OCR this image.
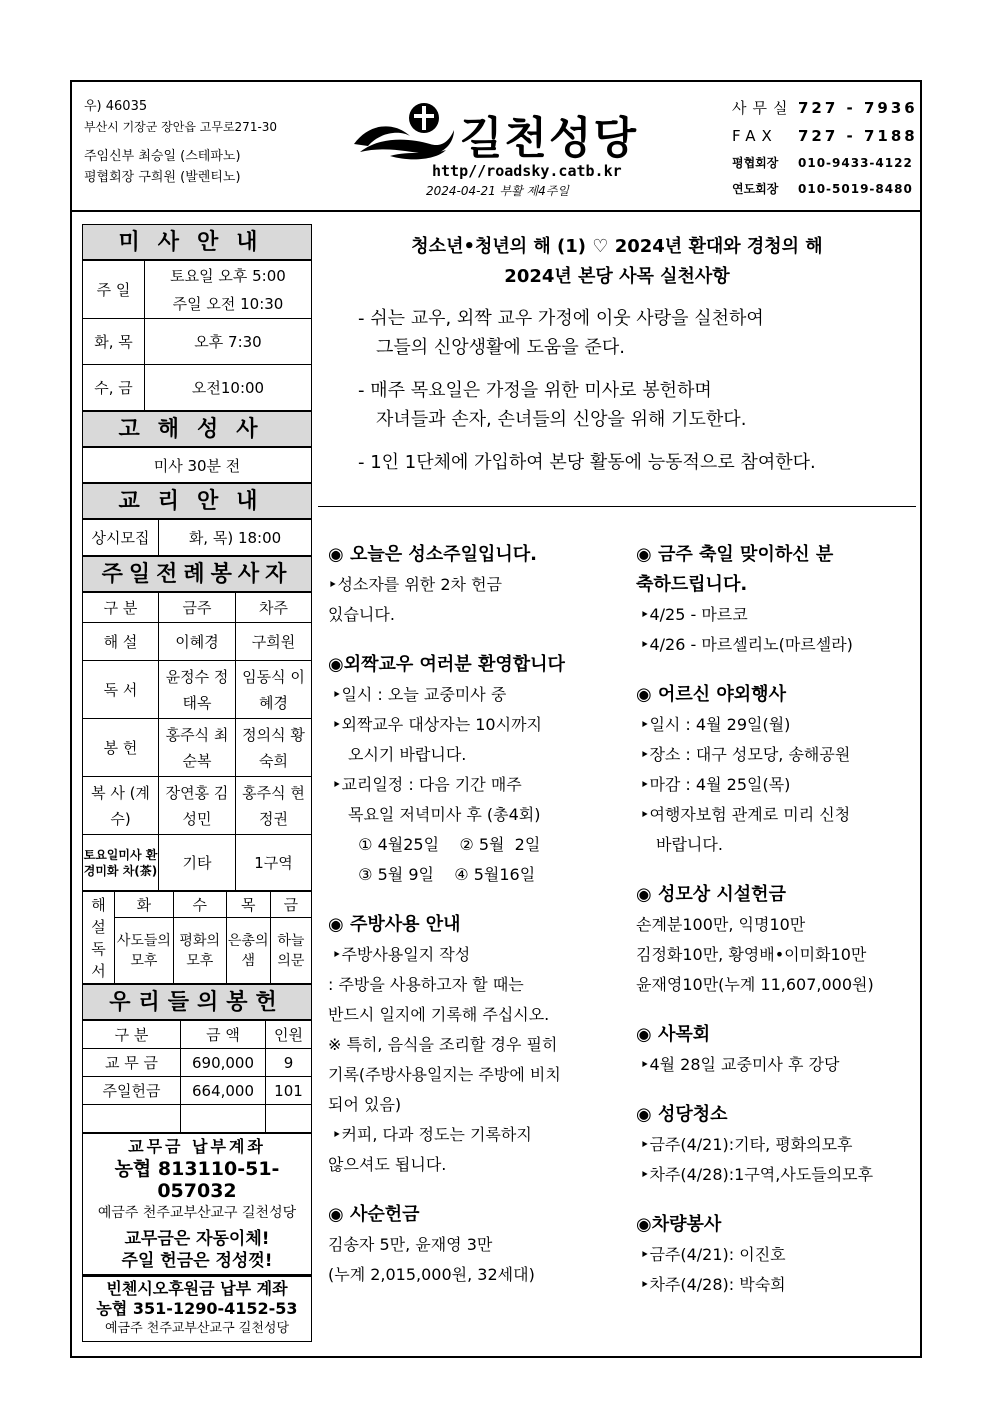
우) 46035
부산시 기장군 장안읍 고무로271-30
주임신부 최승일 (스테파노)
평협회장 구희원 (발렌티노)
길천성당
http//roadsky.catb.kr
2024-04-21 부활 제4주일
사무실 727 - 7936
FAX	727 - 7188
평협회장	010-9433-4122
연도회장	010-5019-8480
미사안내
주 일	토요일 오후 5:00
주일 오전 10:30

화, 목	오후 7:30
수, 금	오전10:00
고해성사
미사 30분 전
교리안내
상시모집	화, 목) 18:00
주일전례봉사자
구 분	금주	차주
해 설	이혜경	구희원
독 서	윤정수 정태옥	임동식 이혜경
봉 헌	홍주식 최순복	정의식 황숙희
복 사 (계수)	장연홍 김성민	홍주식 현정권
토요일미사 환경미화 차(茶)	기타	1구역
해설독서	화	수	목	금
	사도들의모후	평화의 모후	은총의 샘	하늘의문
우리들의봉헌
구 분	금 액	인원
교 무 금	690,000	9
주일헌금	664,000	101

교무금 납부계좌
농협 813110-51-057032
예금주 천주교부산교구 길천성당
교무금은 자동이체!
주일 헌금은 정성껏!
빈첸시오후원금 납부 계좌
농협 351-1290-4152-53
예금주 천주교부산교구 길천성당
청소년•청년의 해 (1) ♡ 2024년 환대와 경청의 해
2024년 본당 사목 실천사항
- 쉬는 교우, 외짝 교우 가정에 이웃 사랑을 실천하여
그들의 신앙생활에 도움을 준다.
- 매주 목요일은 가정을 위한 미사로 봉헌하며
자녀들과 손자, 손녀들의 신앙을 위해 기도한다.
- 1인 1단체에 가입하여 본당 활동에 능동적으로 참여한다.
◉ 오늘은 성소주일입니다.
‣성소자를 위한 2차 헌금
있습니다.
◉외짝교우 여러분 환영합니다
‣일시 : 오늘 교중미사 중
‣외짝교우 대상자는 10시까지
오시기 바랍니다.
‣교리일정 : 다음 기간 매주
목요일 저녁미사 후 (총4회)
① 4월25일    ② 5월  2일
③ 5월 9일    ④ 5월16일
◉ 주방사용 안내
‣주방사용일지 작성
: 주방을 사용하고자 할 때는
반드시 일지에 기록해 주십시오.
※ 특히, 음식을 조리할 경우 필히
기록(주방사용일지는 주방에 비치
되어 있음)
‣커피, 다과 정도는 기록하지
않으셔도 됩니다.
◉ 사순헌금
김송자 5만, 윤재영 3만
(누계 2,015,000원, 32세대)
◉ 금주 축일 맞이하신 분
축하드립니다.
‣4/25 - 마르코
‣4/26 - 마르셀리노(마르셀라)
◉ 어르신 야외행사
‣일시 : 4월 29일(월)
‣장소 : 대구 성모당, 송해공원
‣마감 : 4월 25일(목)
‣여행자보험 관계로 미리 신청
바랍니다.
◉ 성모상 시설헌금
손계분100만, 익명10만
김정화10만, 황영배•이미화10만
윤재영10만(누계 11,607,000원)
◉ 사목회
‣4월 28일 교중미사 후 강당
◉ 성당청소
‣금주(4/21):기타, 평화의모후
‣차주(4/28):1구역,사도들의모후
◉차량봉사
‣금주(4/21): 이진호
‣차주(4/28): 박숙희
